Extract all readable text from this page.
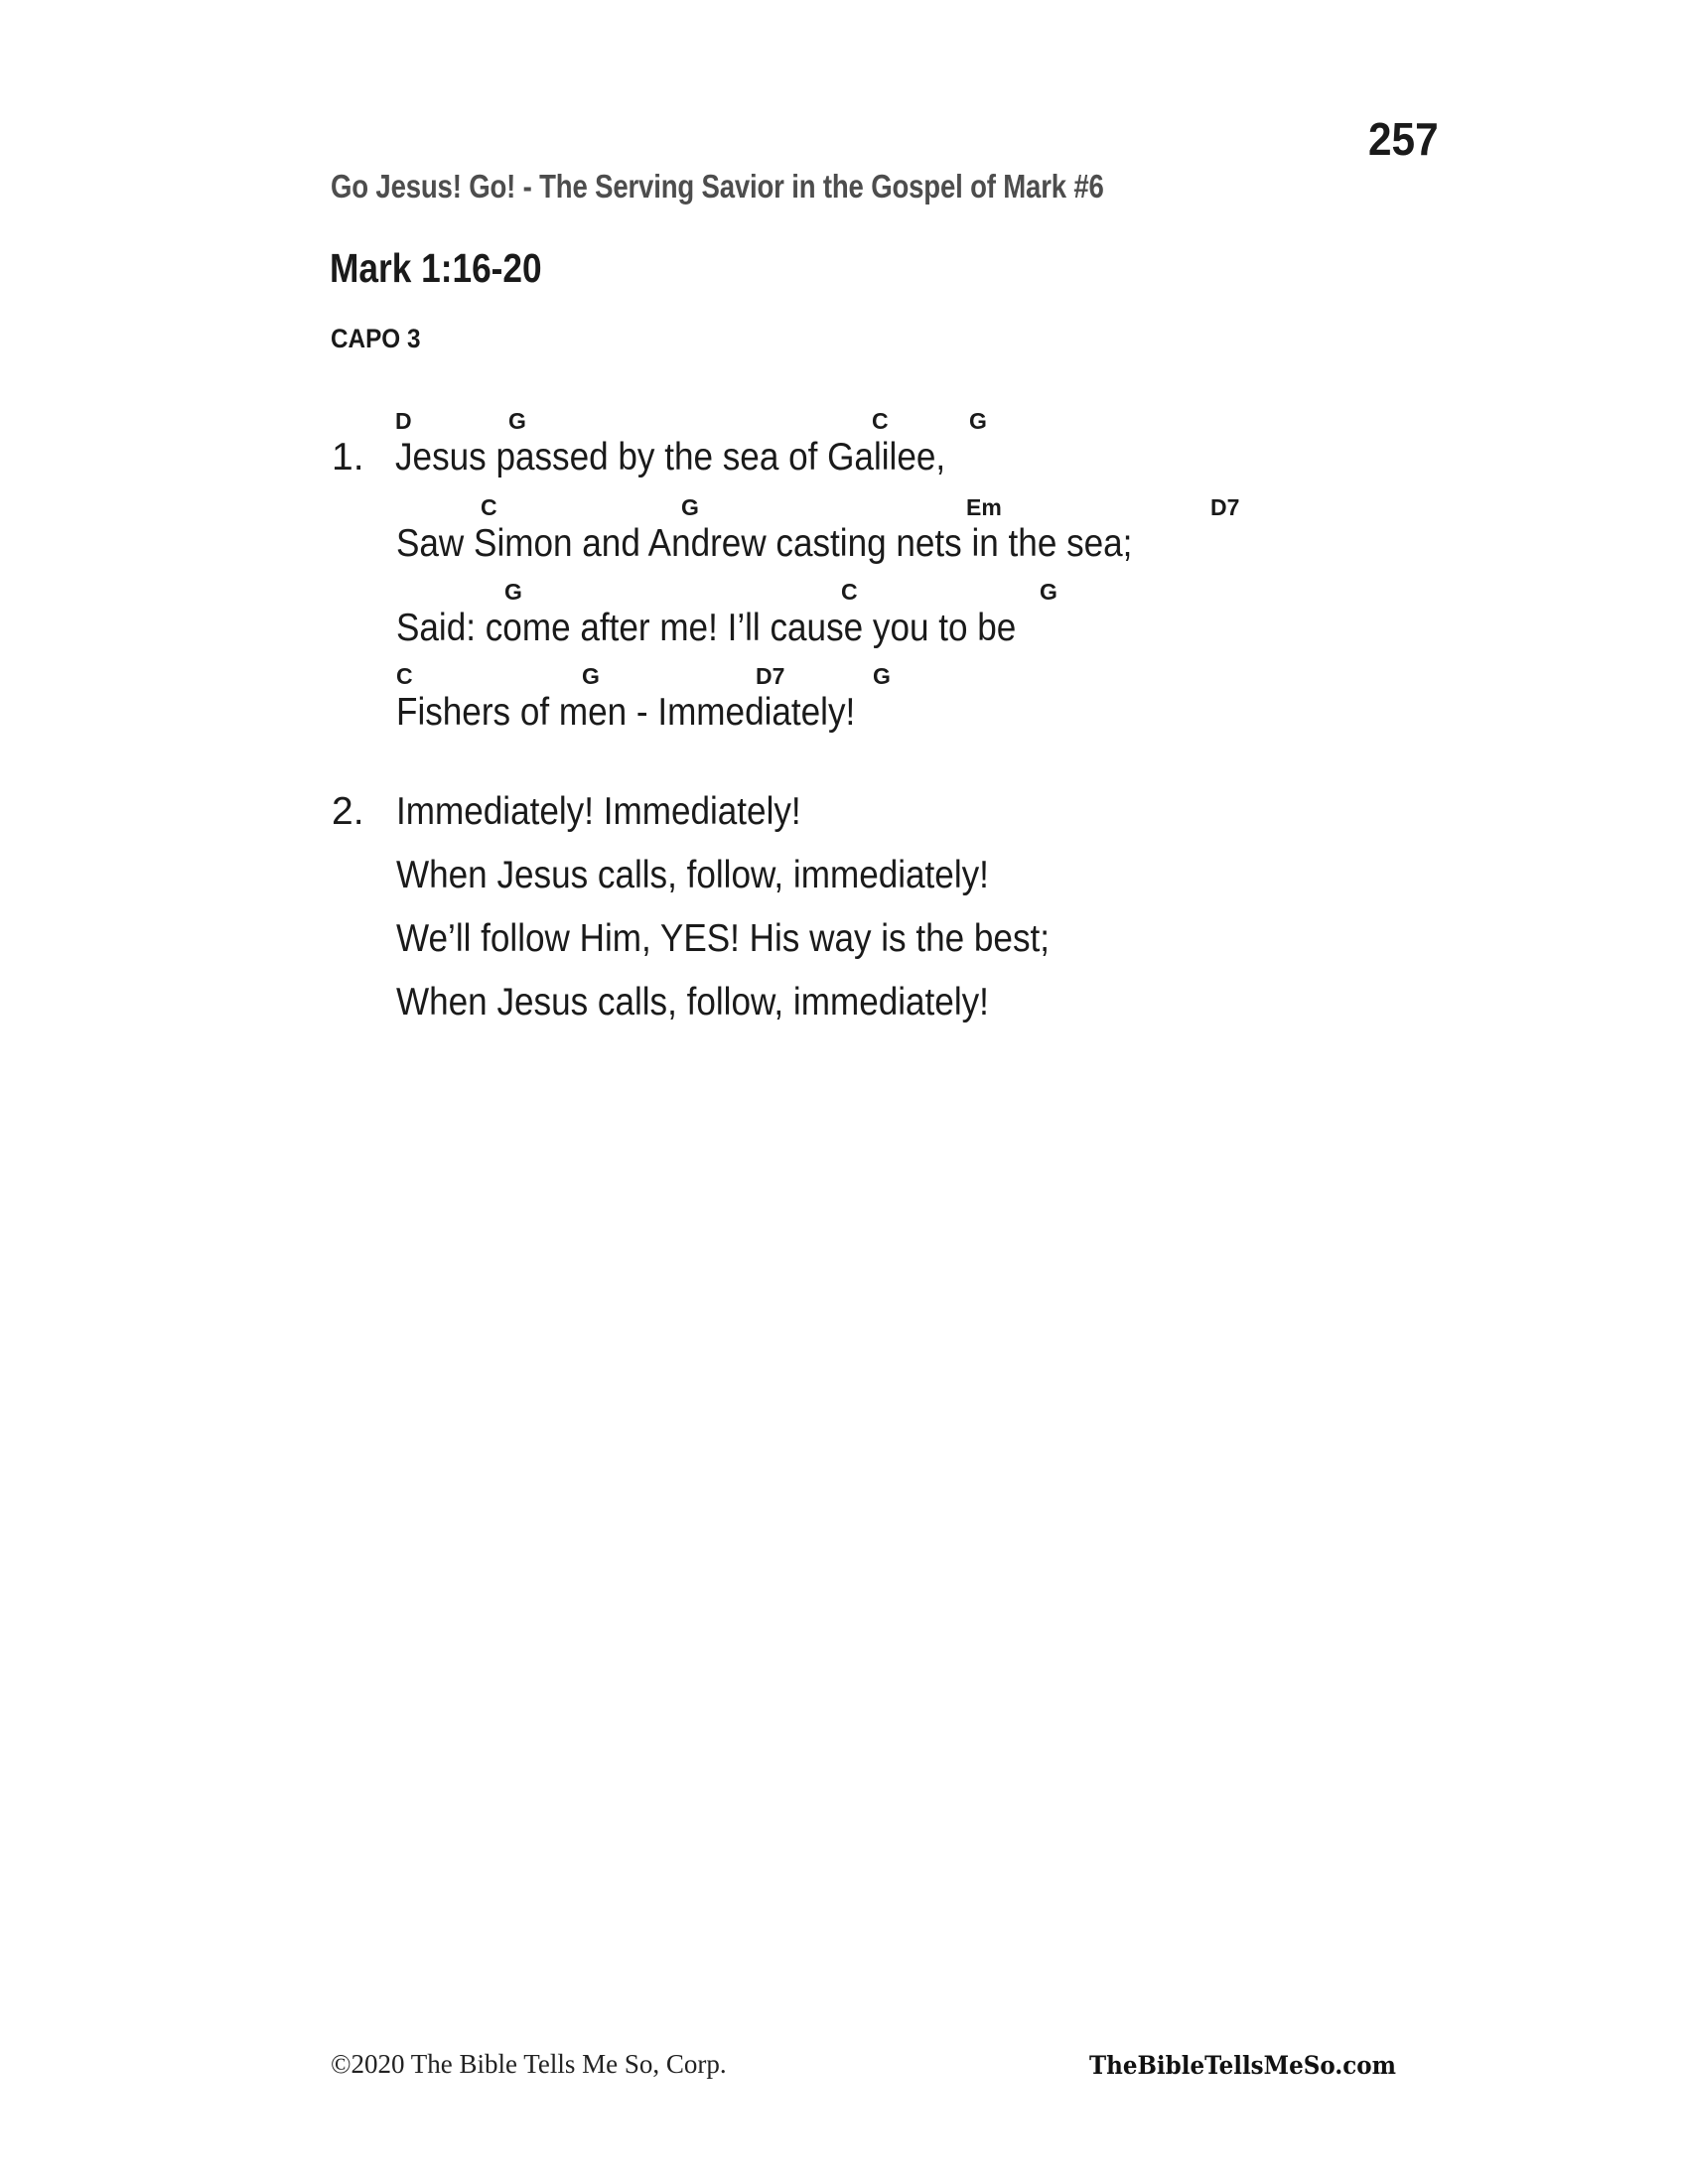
257
Go Jesus! Go! - The Serving Savior in the Gospel of Mark #6
Mark 1:16-20
CAPO 3
1.
D	G	C	G
Jesus passed by the sea of Galilee,
C	G	Em	D7
Saw Simon and Andrew casting nets in the sea;
G	C	G
Said: come after me! I’ll cause you to be
C	G	D7	G
Fishers of men - Immediately!
2. Immediately! Immediately!
When Jesus calls, follow, immediately!
We’ll follow Him, YES! His way is the best;
When Jesus calls, follow, immediately!
©2020 The Bible Tells Me So, Corp.	TheBibleTellsMeSo.com
